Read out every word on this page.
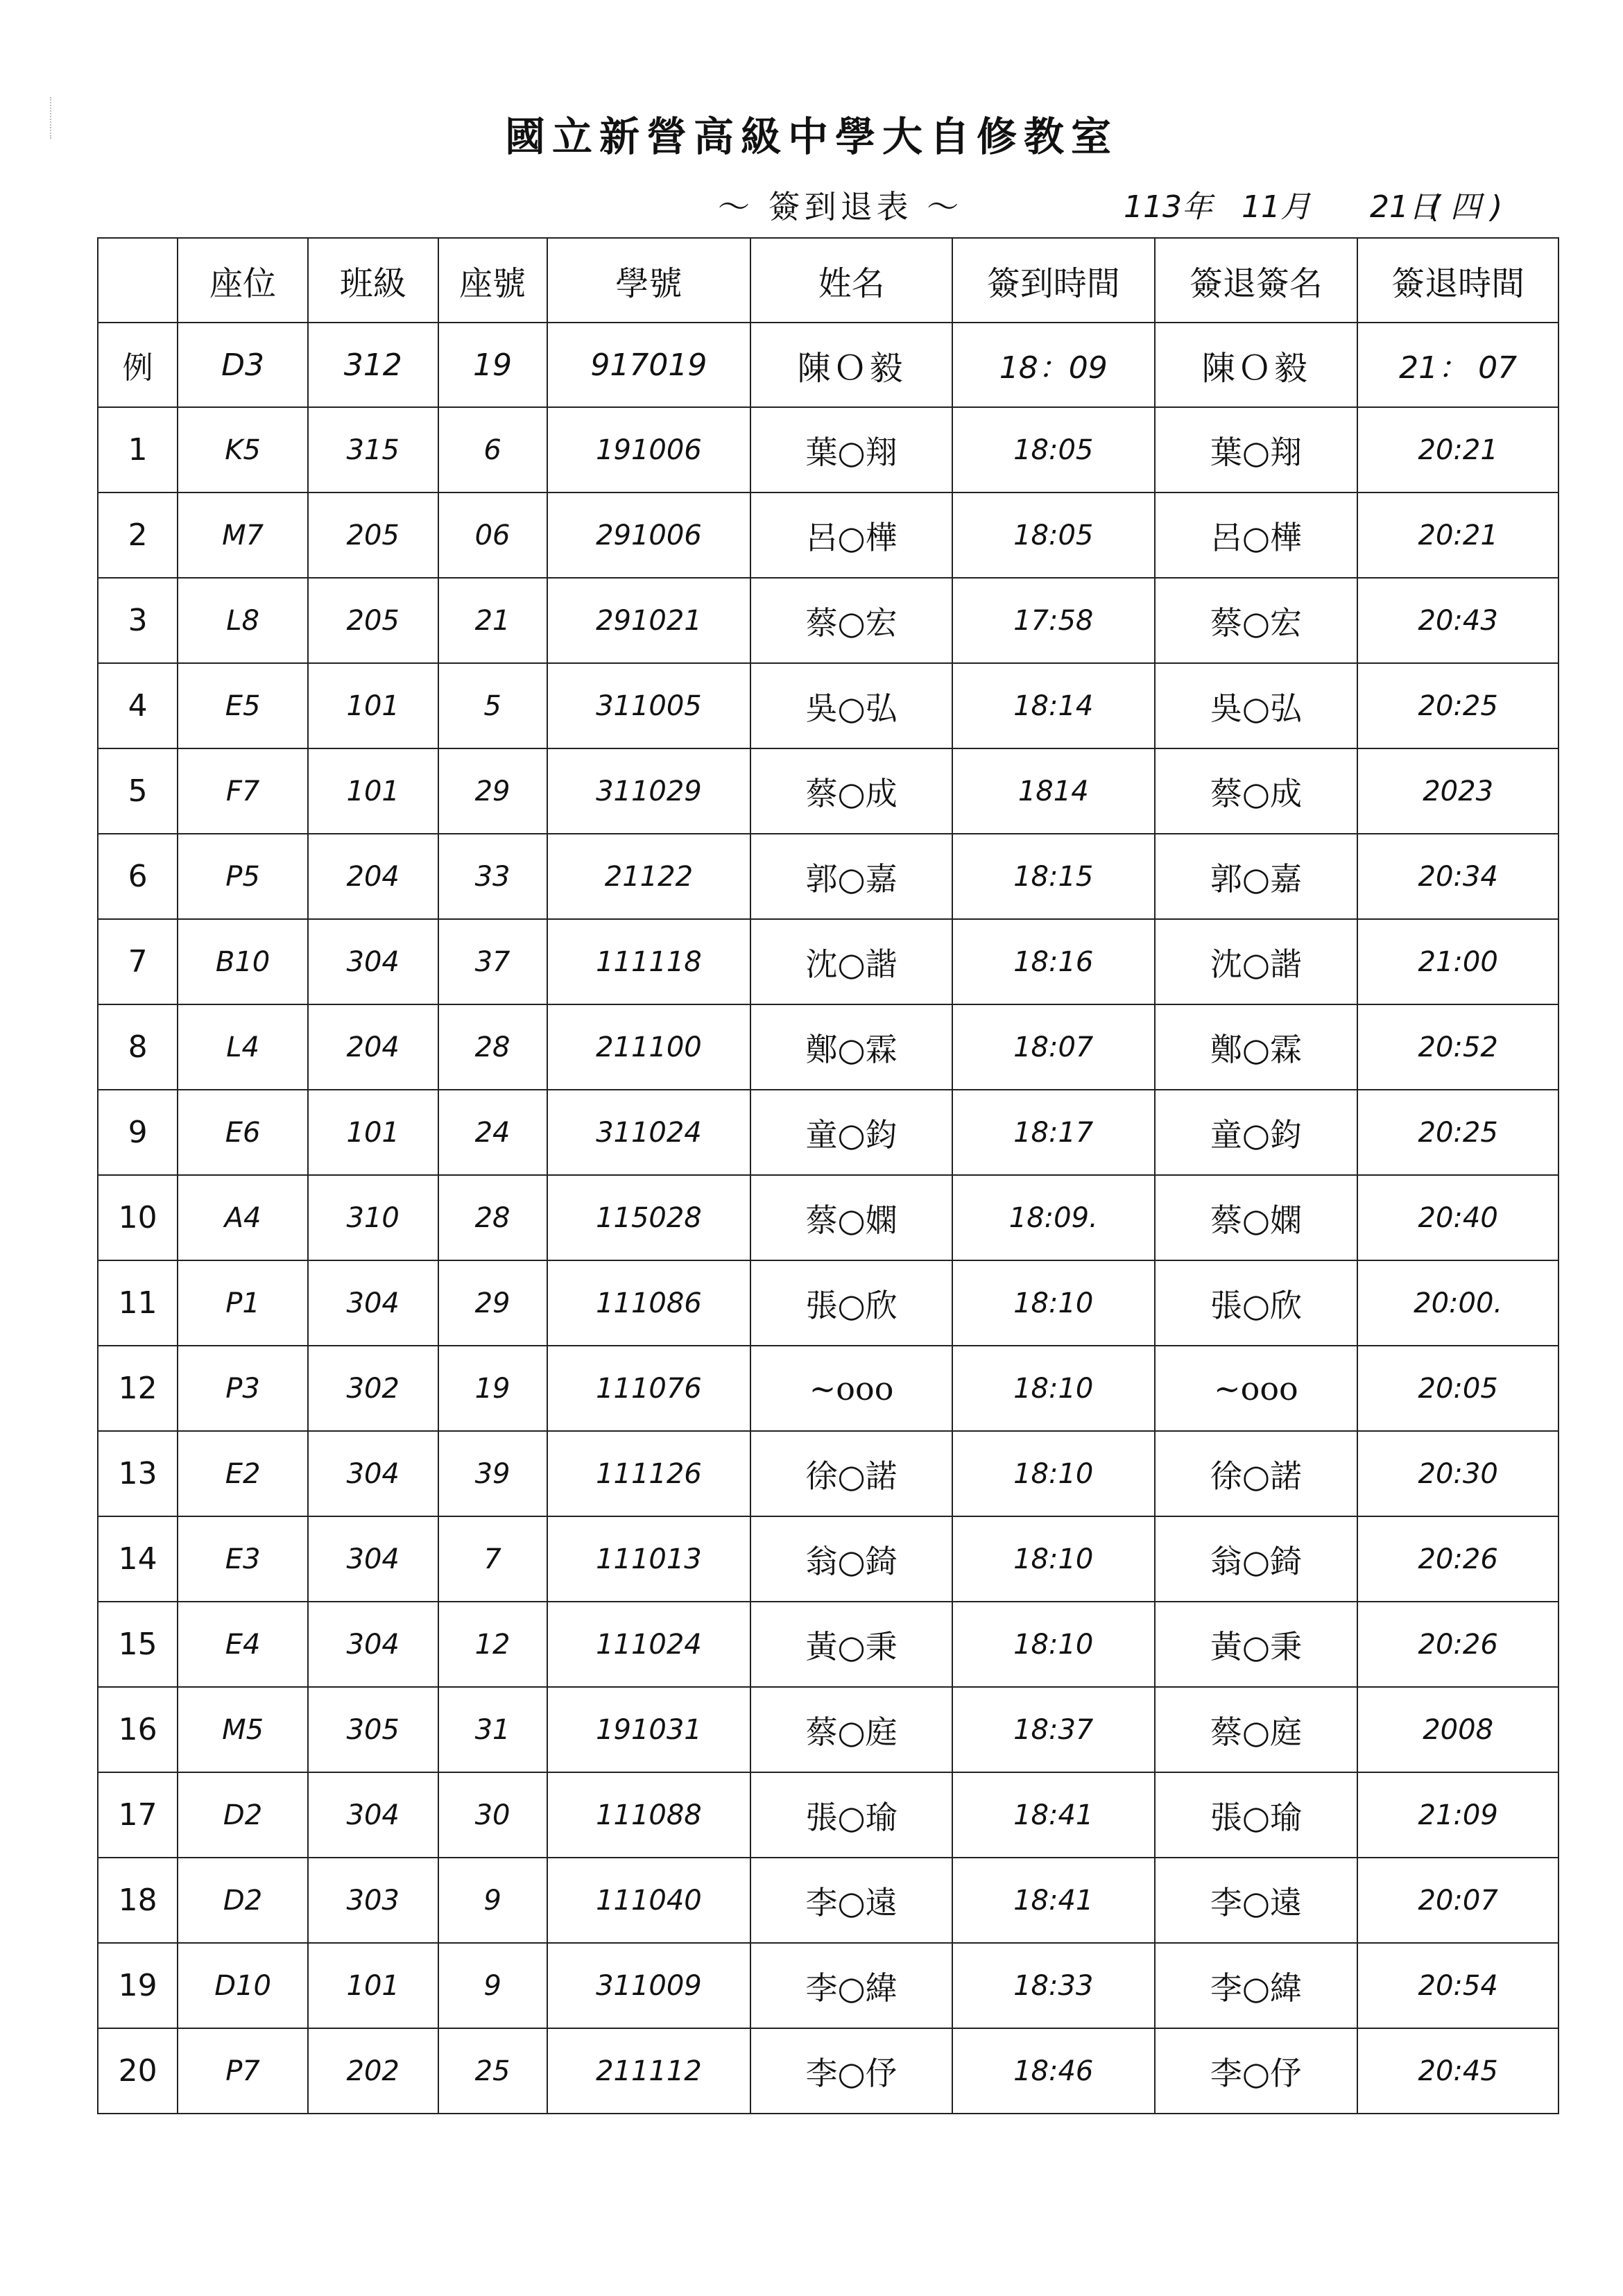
國立新營高級中學大自修教室
～ 簽到退表 ～	113年 11月 21日
( 四 )
	座位	班級	座號	學號	姓名	簽到時間	簽退簽名	簽退時間
例	D3	312	19	917019	陳Ｏ毅	18：09	陳Ｏ毅	21： 07
1	K5	315	6	191006	葉○翔	18:05	葉○翔	20:21
2	M7	205	06	291006	呂○樺	18:05	呂○樺	20:21
3	L8	205	21	291021	蔡○宏	17:58	蔡○宏	20:43
4	E5	101	5	311005	吳○弘	18:14	吳○弘	20:25
5	F7	101	29	311029	蔡○成	1814	蔡○成	2023
6	P5	204	33	21122	郭○嘉	18:15	郭○嘉	20:34
7	B10	304	37	111118	沈○諧	18:16	沈○諧	21:00
8	L4	204	28	211100	鄭○霖	18:07	鄭○霖	20:52
9	E6	101	24	311024	童○鈞	18:17	童○鈞	20:25
10	A4	310	28	115028	蔡○嫻	18:09.	蔡○嫻	20:40
11	P1	304	29	111086	張○欣	18:10	張○欣	20:00.
12	P3	302	19	111076	~ooo	18:10	~ooo	20:05
13	E2	304	39	111126	徐○諾	18:10	徐○諾	20:30
14	E3	304	7	111013	翁○錡	18:10	翁○錡	20:26
15	E4	304	12	111024	黃○秉	18:10	黃○秉	20:26
16	M5	305	31	191031	蔡○庭	18:37	蔡○庭	2008
17	D2	304	30	111088	張○瑜	18:41	張○瑜	21:09
18	D2	303	9	111040	李○遠	18:41	李○遠	20:07
19	D10	101	9	311009	李○緯	18:33	李○緯	20:54
20	P7	202	25	211112	李○伃	18:46	李○伃	20:45
